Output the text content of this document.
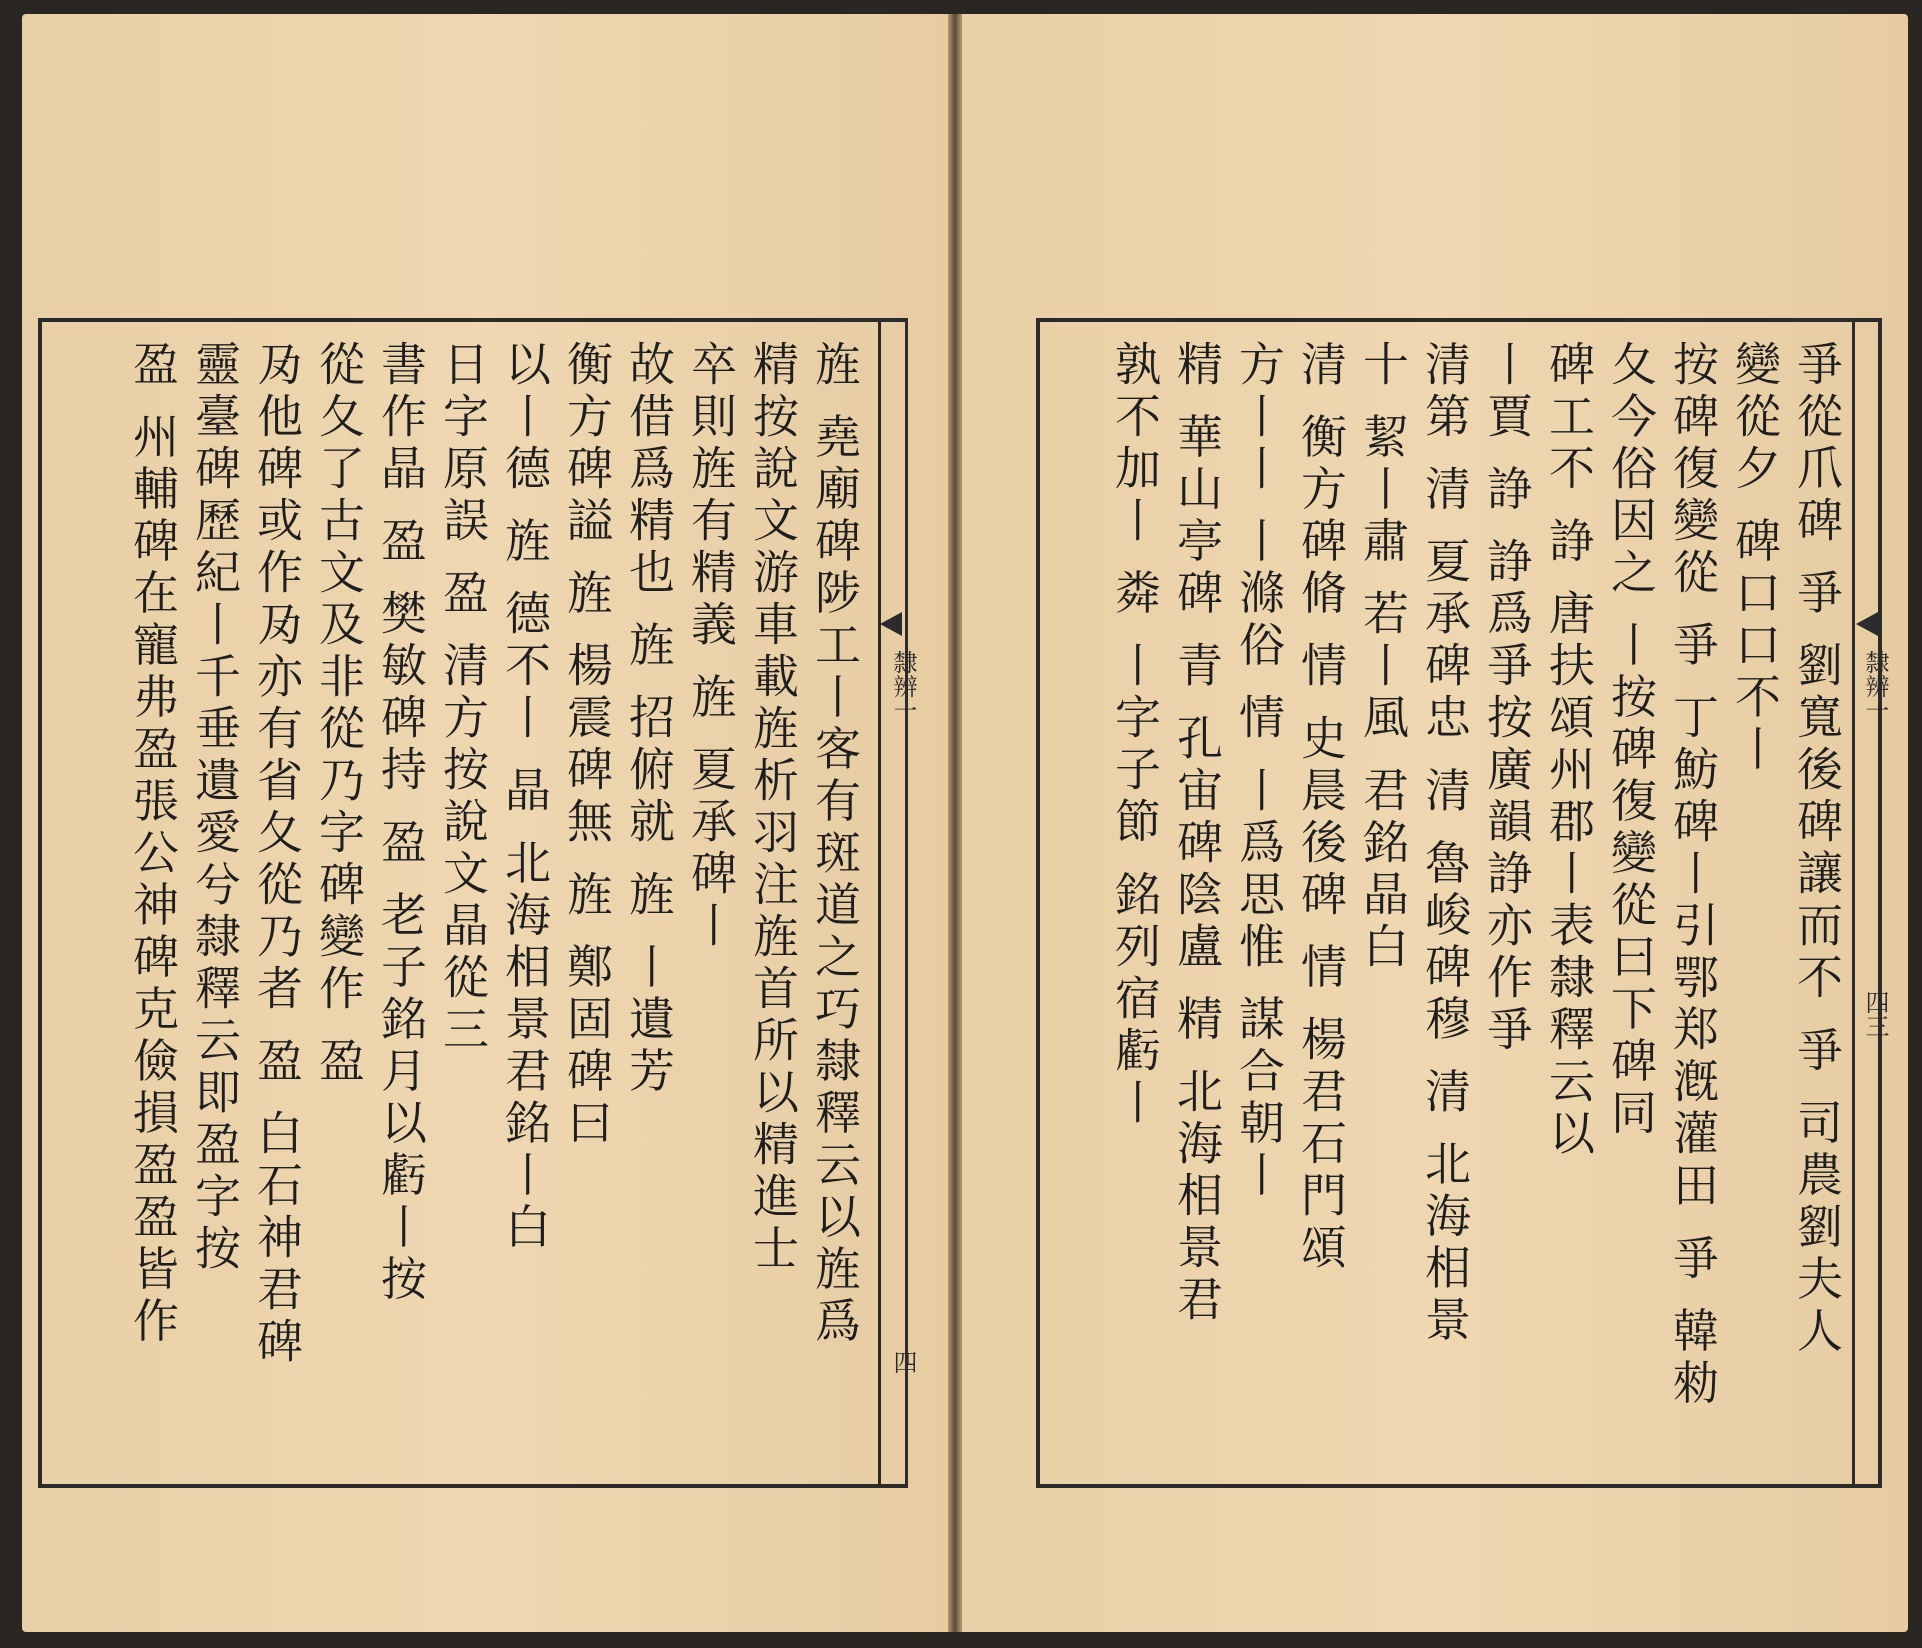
隸辨一
四
隸辨一
四三
旌 堯廟碑陟工丨客有斑道之巧隸釋云以旌爲
精按說文游車載旌析羽注旌首所以精進士
卒則旌有精義 旌 夏承碑丨
故借爲精也 旌 招俯就 旌 丨遺芳
衡方碑謚 旌 楊震碑無 旌 鄭固碑曰
以丨德 旌 德不丨 晶 北海相景君銘丨白
日字原誤 盈 清方按說文晶從三
書作晶 盈 樊敏碑持 盈 老子銘月以虧丨按
從夂了古文及非從乃字碑變作 盈
夃他碑或作夃亦有省夂從乃者 盈 白石神君碑
靈臺碑歷紀丨千垂遺愛兮隸釋云即盈字按
盈 州輔碑在寵弗盈張公神碑克儉損盈盈皆作	爭從爪碑 爭 劉寬後碑讓而不 爭 司農劉夫人
變從夕 碑口口不丨
按碑復變從 爭 丁魴碑丨引鄂郑漑灌田 爭 韓勑
夂今俗因之 丨按碑復變從曰下碑同
碑工不 諍 唐扶頌州郡丨表隸釋云以
丨賈 諍 諍爲爭按廣韻諍亦作爭
清第 清 夏承碑忠 清 魯峻碑穆 清 北海相景
十 絜丨肅 若丨風 君銘晶白
清 衡方碑脩 情 史晨後碑 情 楊君石門頌
方丨丨 丨滌俗 情 丨爲思惟 謀合朝丨
精 華山亭碑 青 孔宙碑陰盧 精 北海相景君
孰不加丨 粦 丨字子節 銘列宿虧丨
